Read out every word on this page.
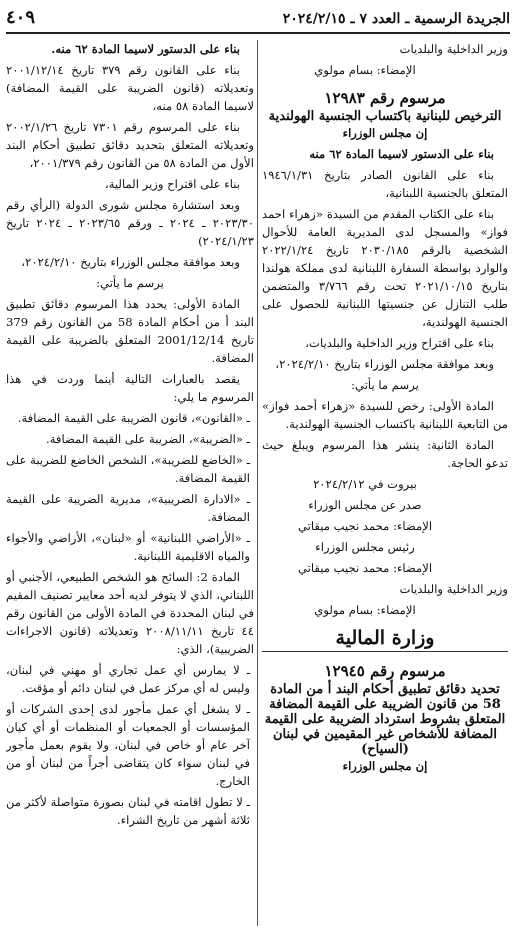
الجريدة الرسمية ـ العدد ٧ ـ ٢٠٢٤/٢/١٥
٤٠٩

وزير الداخلية والبلديات

الإمضاء: بسام مولوي

مرسوم رقم ١٢٩٨٣
الترخيص للبنانية باكتساب الجنسية الهولندية

إن مجلس الوزراء

بناء على الدستور لاسيما المادة ٦٢ منه

بناء على القانون الصادر بتاريخ ١٩٤٦/١/٣١ المتعلق بالجنسية اللبنانية،

بناء على الكتاب المقدم من السيدة «زهراء احمد فواز» والمسجل لدى المديرية العامة للأحوال الشخصية بالرقم ٢٠٣٠/١٨٥ تاريخ ٢٠٢٢/١/٢٤ والوارد بواسطة السفارة اللبنانية لدى مملكة هولندا بتاريخ ٢٠٢١/١٠/١٥ تحت رقم ٣/٧٦٦ والمتضمن طلب التنازل عن جنسيتها اللبنانية للحصول على الجنسية الهولندية،

بناء على اقتراح وزير الداخلية والبلديات،

وبعد موافقة مجلس الوزراء بتاريخ ٢٠٢٤/٢/١٠،

يرسم ما يأتي:

المادة الأولى: رخص للسيدة «زهراء أحمد فواز» من التابعية اللبنانية باكتساب الجنسية الهولندية.

المادة الثانية: ينشر هذا المرسوم ويبلغ حيث تدعو الحاجة.

بيروت في ٢٠٢٤/٢/١٢

صدر عن مجلس الوزراء

الإمضاء: محمد نجيب ميقاتي

رئيس مجلس الوزراء

الإمضاء: محمد نجيب ميقاتي

وزير الداخلية والبلديات

الإمضاء: بسام مولوي

وزارة المالية
مرسوم رقم ١٢٩٤٥
تحديد دقائق تطبيق أحكام البند أ من المادة 58 من قانون الضريبة على القيمة المضافة المتعلق بشروط استرداد الضريبة على القيمة المضافة للأشخاص غير المقيمين في لبنان (السياح)

إن مجلس الوزراء

بناء على الدستور لاسيما المادة ٦٢ منه.

بناء على القانون رقم ٣٧٩ تاريخ ٢٠٠١/١٢/١٤ وتعديلاته (قانون الضريبة على القيمة المضافة) لاسيما المادة ٥٨ منه،

بناء على المرسوم رقم ٧٣٠١ تاريخ ٢٠٠٢/١/٢٦ وتعديلاته المتعلق بتحديد دقائق تطبيق أحكام البند الأول من المادة ٥٨ من القانون رقم ٢٠٠١/٣٧٩،

بناء على اقتراح وزير المالية،

وبعد استشارة مجلس شورى الدولة (الرأي رقم ٢٠٢٣/٣٠ ـ ٢٠٢٤ ـ ورقم ٢٠٢٣/٦٥ ـ ٢٠٢٤ تاريخ ٢٠٢٤/١/٢٣)

وبعد موافقة مجلس الوزراء بتاريخ ٢٠٢٤/٢/١٠،

يرسم ما يأتي:

المادة الأولى: يحدد هذا المرسوم دقائق تطبيق البند أ من أحكام المادة 58 من القانون رقم 379 تاريخ 2001/12/14 المتعلق بالضريبة على القيمة المضافة.

يقصد بالعبارات التالية أينما وردت في هذا المرسوم ما يلي:

ـ «القانون»، قانون الضريبة على القيمة المضافة.

ـ «الضريبة»، الضريبة على القيمة المضافة.

ـ «الخاضع للضريبة»، الشخص الخاضع للضريبة على القيمة المضافة.

ـ «الادارة الضريبية»، مديرية الضريبة على القيمة المضافة.

ـ «الأراضي اللبنانية» أو «لبنان»، الأراضي والأجواء والمياه الاقليمية اللبنانية.

المادة 2: السائح هو الشخص الطبيعي، الأجنبي أو اللبناني، الذي لا يتوفر لديه أحد معايير تصنيف المقيم في لبنان المحددة في المادة الأولى من القانون رقم ٤٤ تاريخ ٢٠٠٨/١١/١١ وتعديلاته (قانون الاجراءات الضريبية)، الذي:

ـ لا يمارس أي عمل تجاري أو مهني في لبنان، وليس له أي مركز عمل في لبنان دائم أو مؤقت.

ـ لا يشغل أي عمل مأجور لدى إحدى الشركات أو المؤسسات أو الجمعيات أو المنظمات أو أي كيان آخر عام أو خاص في لبنان، ولا يقوم بعمل مأجور في لبنان سواء كان يتقاضى أجراً من لبنان أو من الخارج.

ـ لا تطول اقامته في لبنان بصورة متواصلة لأكثر من ثلاثة أشهر من تاريخ الشراء.
